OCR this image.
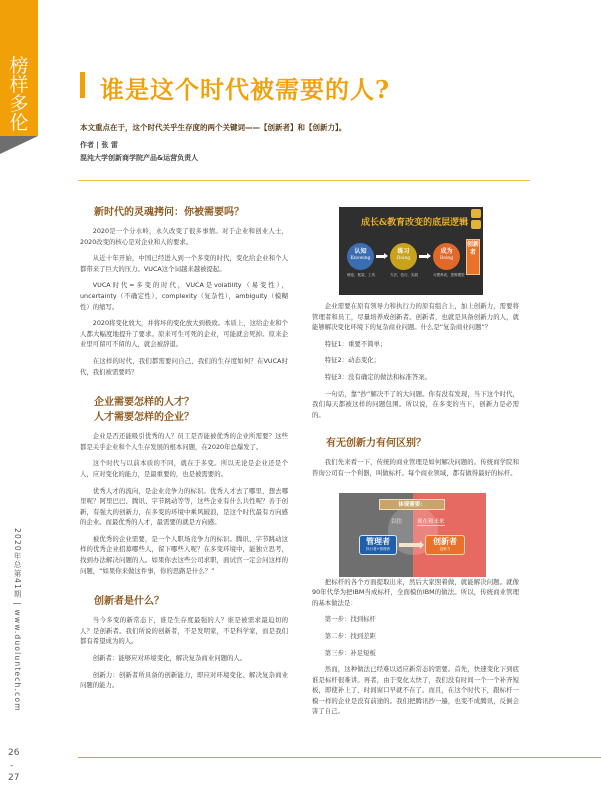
榜样多伦
2020年总第41期 | www.duoluntech.com
26
-
27
谁是这个时代被需要的人?
本文重点在于，这个时代关乎生存度的两个关键词——【创新者】和【创新力】。
作者 | 张 雷
混沌大学创新商学院产品&运营负责人
新时代的灵魂拷问：你被需要吗？

2020是一个分水岭，永久改变了很多事情。对于企业和创业人士，2020改变的核心是对企业和人的要求。

从近十年开始，中国已经进入到一个多变的时代，变化给企业和个人都带来了巨大的压力。VUCA这个词越来越被提起。

VUCA时代=多变的时代，VUCA是volatility（易变性），uncertainty（不确定性），complexity（复杂性），ambiguity（模糊性）的缩写。

2020将变化放大，并将坏的变化放大到极致。本质上，这给企业和个人都大幅度地提升了要求。原来可生可死的企业，可能就会死掉。原来企业里可留可不留的人，就会被辞退。

在这样的时代，我们都需要问自己，我们的生存度如何？在VUCA时代，我们被需要吗？

企业需要怎样的人才？
人才需要怎样的企业？

企业是否还能吸引优秀的人？员工是否能被优秀的企业所需要？这些都是关乎企业和个人生存发展的根本问题，在2020年总爆发了。

这个时代与以前本质的不同，就在于多变。所以无论是企业还是个人，应对变化的能力，是最重要的，也是被需要的。

优秀人才的流向，是企业竞争力的标识。优秀人才去了哪里，想去哪里呢？阿里巴巴、腾讯、字节跳动等等，这些企业有什么共性呢？善于创新，有强大的创新力，在多变的环境中乘风破浪，是这个时代最有方向感的企业。而最优秀的人才，最需要的就是方向感。

被优秀的企业需要，是一个人职场竞争力的标识。腾讯、字节跳动这样的优秀企业招募哪些人，留下哪些人呢？在多变环境中，能独立思考，找到办法解决问题的人。如果你去这些公司求职，面试官一定会问这样的问题，“如果你来做这件事，你的思路是什么？”

创新者是什么？

当今多变的新常态下，谁是生存度最强的人？谁是被需求最迫切的人？是创新者。我们所说的创新者，不是发明家，不是科学家，而是我们都有希望成为的人。

创新者：能够应对环境变化，解决复杂商业问题的人。

创新力：创新者所具备的创新能力，即应对环境变化、解决复杂商业问题的能力。

成长&教育改变的底层逻辑
认知
Knowing
练习
Doing
成为
Being
理论、框架、工具	方法、技巧、实践	习惯养成、思维模型
创新者

企业需要在原有领导力和执行力的原有组合上，加上创新力，需要将管理者和员工，尽量培养成创新者。创新者，也就是具备创新力的人，就能够解决变化环境下的复杂商业问题。什么是“复杂商业问题”？

特征1：重要不简单；

特征2：动态变化；

特征3：没有确定的做法和标准答案。

一句话，靠“抄”解决不了的大问题。你有没有发现，当下这个时代，我们每天都被这样的问题包围。所以说，在多变的当下，创新力是必需的。

有无创新力有何区别？

我们先来看一下，传统的商业管理是如何解决问题的。传统商学院和咨询公司有一个利器，叫做标杆。每个商业领域，都有做得最好的标杆。

把标杆的各个方面提取出来，然后大家照着做，就能解决问题。就像90年代华为把IBM当成标杆，全面模仿IBM的做法。所以，传统商业管理的基本做法是：

第一步：找到标杆

第二步：找到差距

第三步：补足短板

然而，这种做法已经难以适应新常态的需要。首先，快速变化下到底谁是标杆很难讲。再者，由于变化太快了，我们没有时间一个一个补齐短板，即使补上了，时间窗口早就不在了。而且，在这个时代下，跟标杆一模一样的企业是没有前途的。我们把腾讯抄一遍，也变不成腾讯，反倒会害了自己。

体现需要：
以往	现在和未来
管理者
执行者+管理者
创新者
创新力
